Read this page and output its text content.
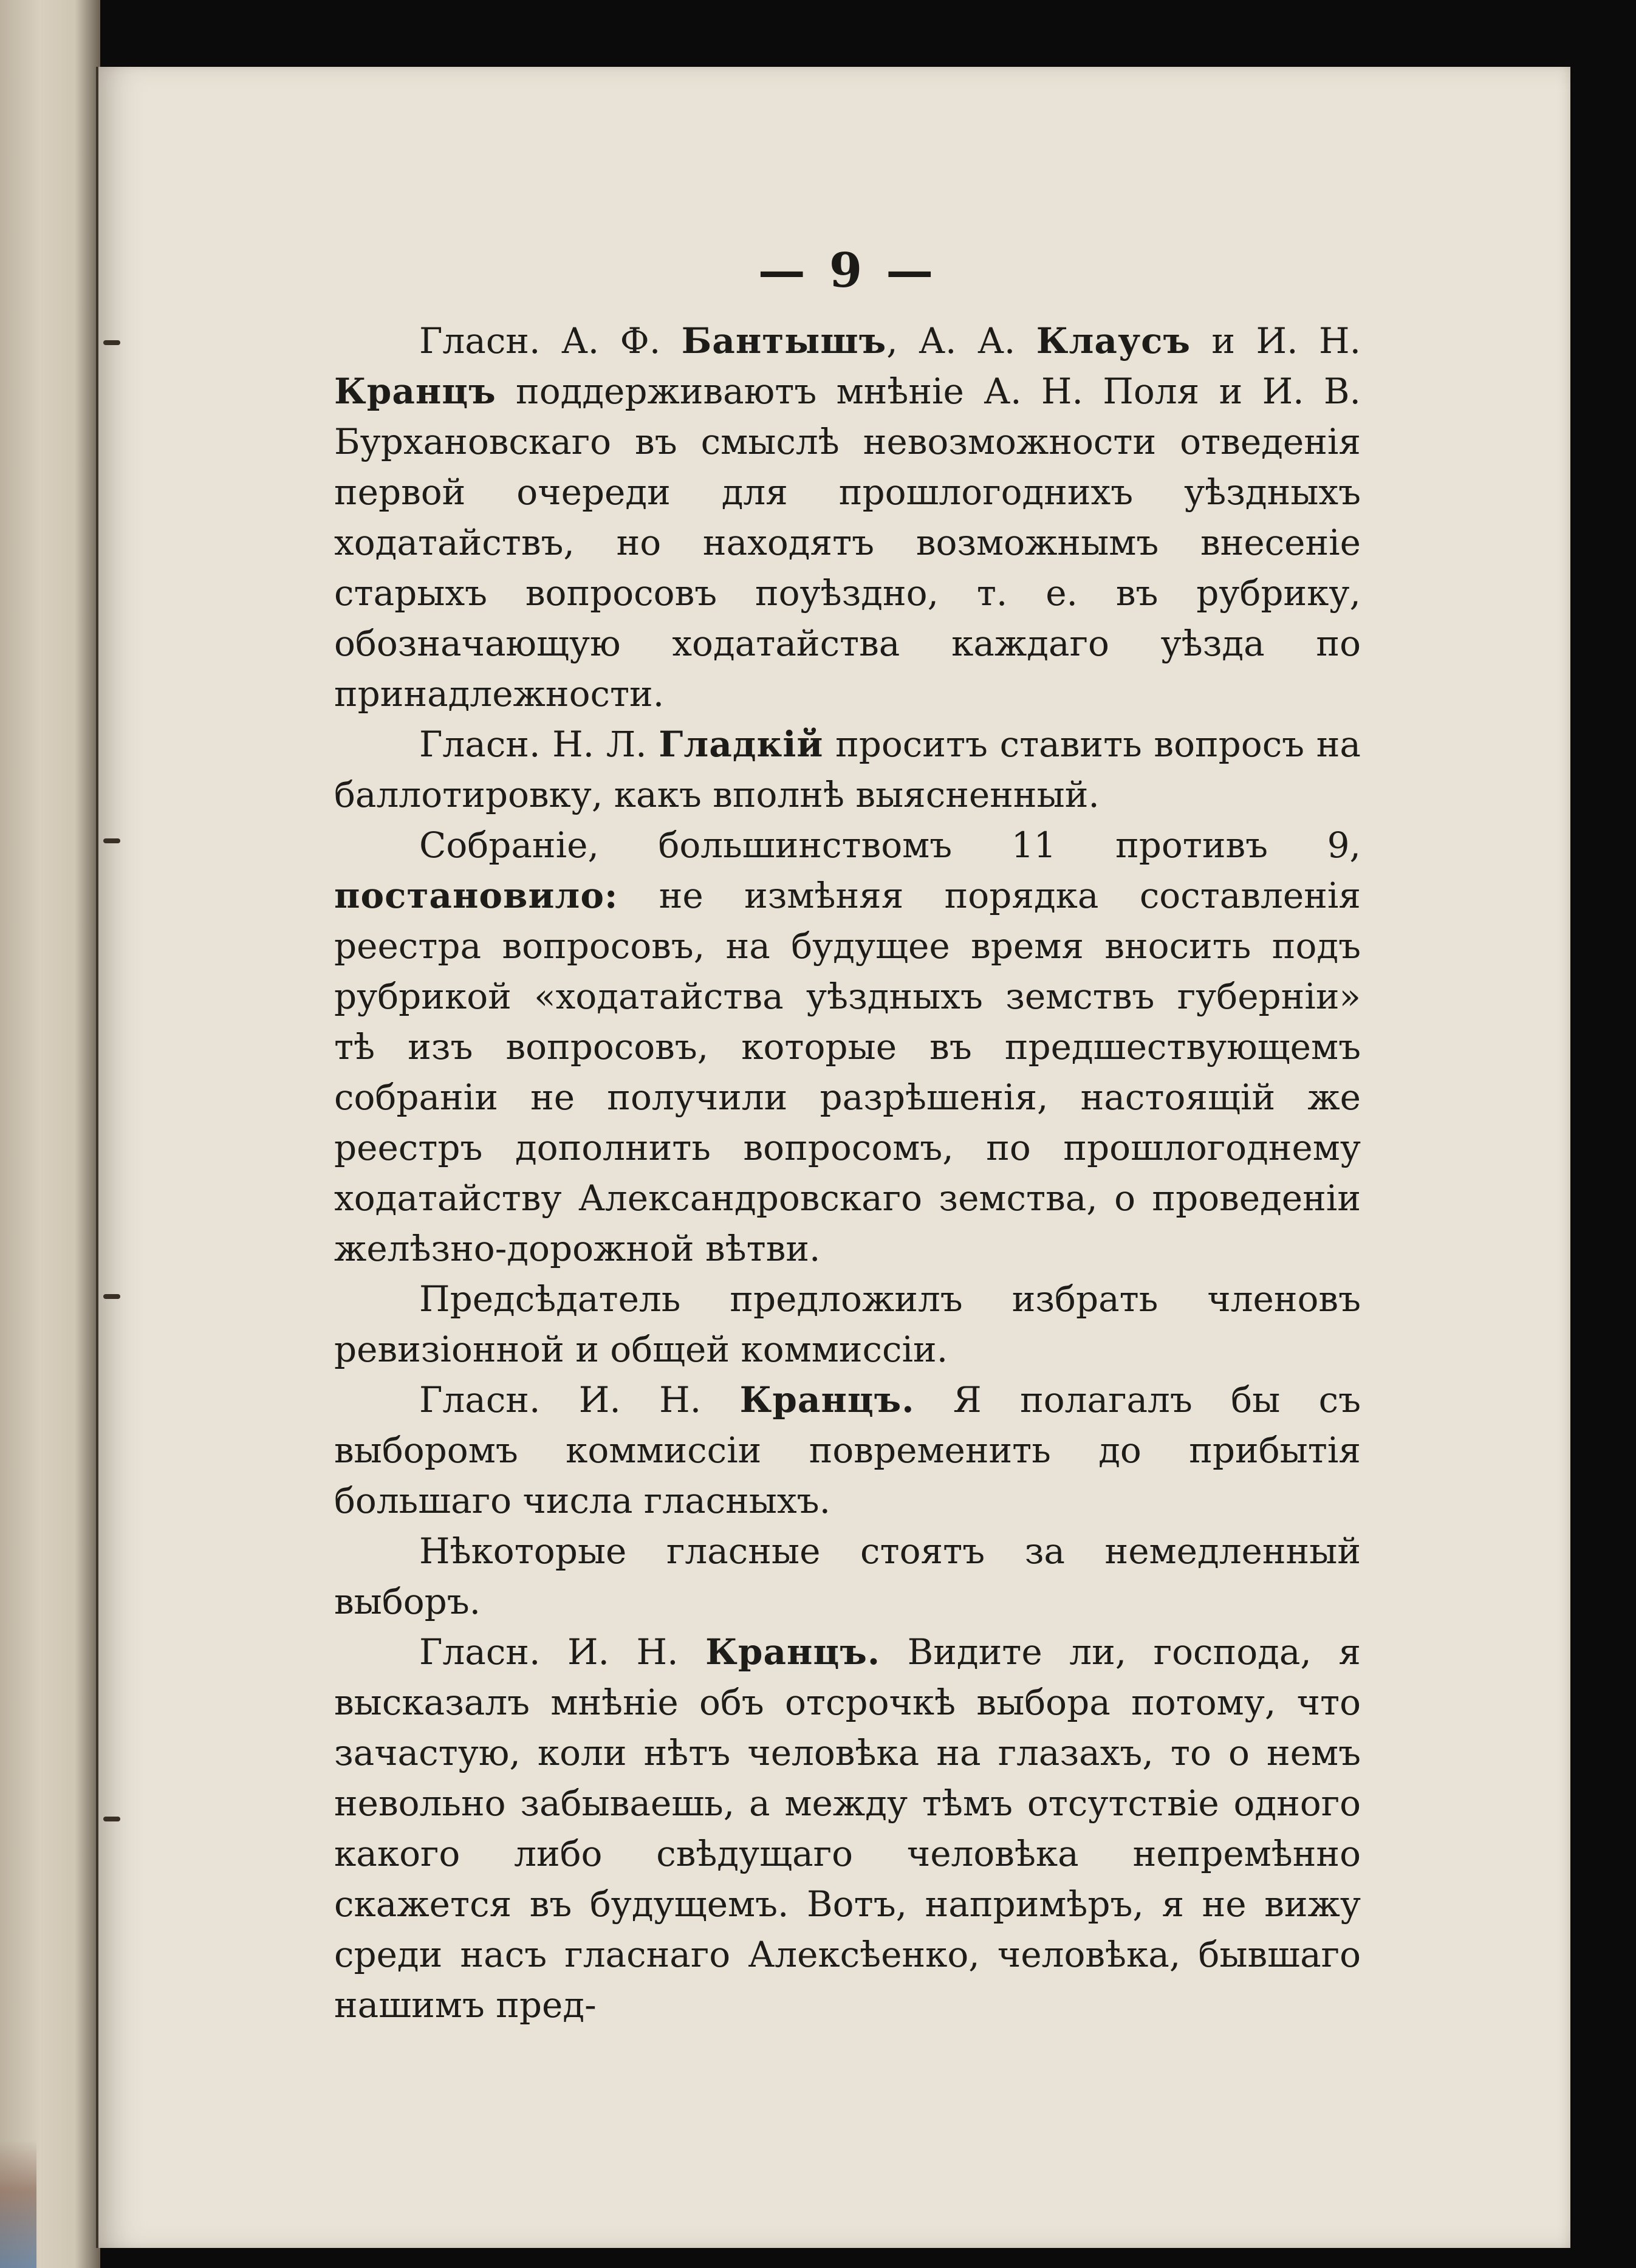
— 9 —

Гласн. А. Ф. Бантышъ, А. А. Клаусъ и И. Н. Кранцъ поддерживаютъ мнѣніе А. Н. Поля и И. В. Бурхановскаго въ смыслѣ невозможности отведенія первой очереди для прошлогоднихъ уѣздныхъ ходатайствъ, но находятъ возможнымъ внесеніе старыхъ вопросовъ поуѣздно, т. е. въ рубрику, обозначающую ходатайства каждаго уѣзда по принадлежности.

Гласн. Н. Л. Гладкій проситъ ставить вопросъ на баллотировку, какъ вполнѣ выясненный.

Собраніе, большинствомъ 11 противъ 9, постановило: не измѣняя порядка составленія реестра вопросовъ, на будущее время вносить подъ рубрикой «ходатайства уѣздныхъ земствъ губерніи» тѣ изъ вопросовъ, которые въ предшествующемъ собраніи не получили разрѣшенія, настоящій же реестръ дополнить вопросомъ, по прошлогоднему ходатайству Александровскаго земства, о проведеніи желѣзно-дорожной вѣтви.

Предсѣдатель предложилъ избрать членовъ ревизіонной и общей коммиссіи.

Гласн. И. Н. Кранцъ. Я полагалъ бы съ выборомъ коммиссіи повременить до прибытія большаго числа гласныхъ.

Нѣкоторые гласные стоятъ за немедленный выборъ.

Гласн. И. Н. Кранцъ. Видите ли, господа, я высказалъ мнѣніе объ отсрочкѣ выбора потому, что зачастую, коли нѣтъ человѣка на глазахъ, то о немъ невольно забываешь, а между тѣмъ отсутствіе одного какого либо свѣдущаго человѣка непремѣнно скажется въ будущемъ. Вотъ, напримѣръ, я не вижу среди насъ гласнаго Алексѣенко, человѣка, бывшаго нашимъ пред-
